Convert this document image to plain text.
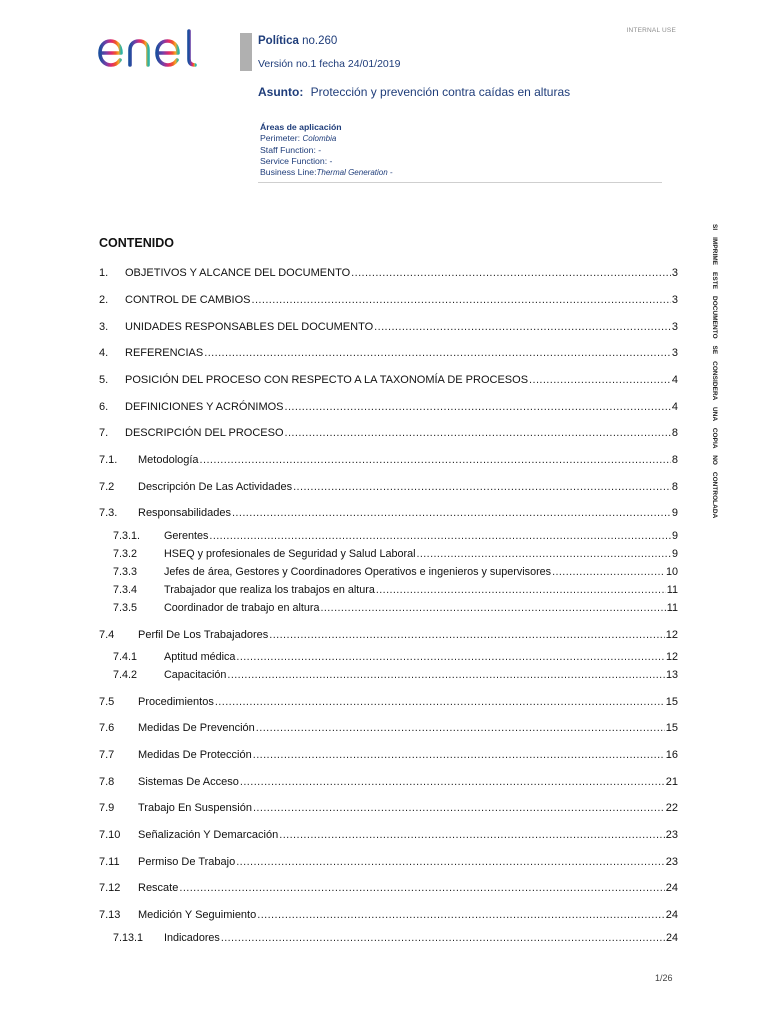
INTERNAL USE
Política no.260
Versión no.1 fecha 24/01/2019
Asunto: Protección y prevención contra caídas en alturas
Áreas de aplicación
Perimeter: Colombia
Staff Function: -
Service Function: -
Business Line:Thermal Generation -
CONTENIDO
1.	OBJETIVOS Y ALCANCE DEL DOCUMENTO .....	3
2.	CONTROL DE CAMBIOS .....	3
3.	UNIDADES RESPONSABLES DEL DOCUMENTO .....	3
4.	REFERENCIAS .....	3
5.	POSICIÓN DEL PROCESO CON RESPECTO A LA TAXONOMÍA DE PROCESOS .....	4
6.	DEFINICIONES Y ACRÓNIMOS .....	4
7.	DESCRIPCIÓN DEL PROCESO .....	8
7.1.	Metodología .....	8
7.2	Descripción De Las Actividades .....	8
7.3.	Responsabilidades .....	9
7.3.1.	Gerentes .....	9
7.3.2	HSEQ y profesionales de Seguridad y Salud Laboral .....	9
7.3.3	Jefes de área, Gestores y Coordinadores Operativos e ingenieros y supervisores .....	10
7.3.4	Trabajador que realiza los trabajos en altura .....	11
7.3.5	Coordinador de trabajo en altura .....	11
7.4	Perfil De Los Trabajadores .....	12
7.4.1	Aptitud médica .....	12
7.4.2	Capacitación .....	13
7.5	Procedimientos .....	15
7.6	Medidas De Prevención .....	15
7.7	Medidas De Protección .....	16
7.8	Sistemas De Acceso .....	21
7.9	Trabajo En Suspensión .....	22
7.10	Señalización Y Demarcación .....	23
7.11	Permiso De Trabajo .....	23
7.12	Rescate .....	24
7.13	Medición Y Seguimiento .....	24
7.13.1	Indicadores .....	24
SI IMPRIME ESTE DOCUMENTO SE CONSIDERA UNA COPIA NO CONTROLADA
1/26
